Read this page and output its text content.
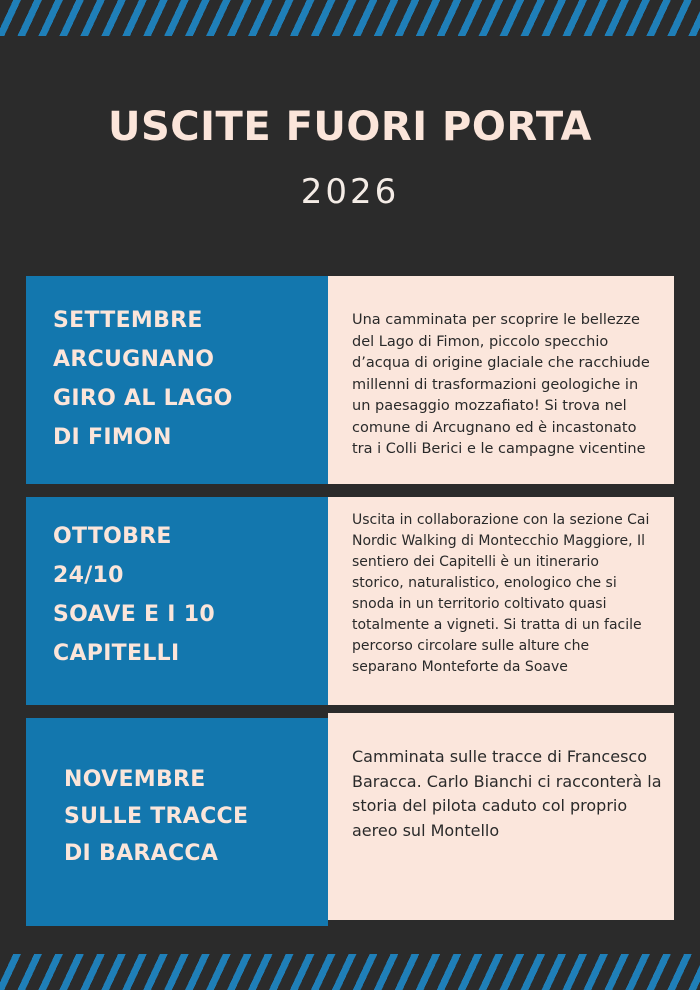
USCITE FUORI PORTA
2026
SETTEMBRE
ARCUGNANO
GIRO AL LAGO
DI FIMON
Una camminata per scoprire le bellezze del Lago di Fimon, piccolo specchio d’acqua di origine glaciale che racchiude millenni di trasformazioni geologiche in un paesaggio mozzafiato! Si trova nel comune di Arcugnano ed è incastonato tra i Colli Berici e le campagne vicentine
OTTOBRE
24/10
SOAVE E I 10
CAPITELLI
Uscita in collaborazione con la sezione Cai Nordic Walking di Montecchio Maggiore, Il sentiero dei Capitelli è un itinerario storico, naturalistico, enologico che si snoda in un territorio coltivato quasi totalmente a vigneti. Si tratta di un facile percorso circolare sulle alture che separano Monteforte da Soave
NOVEMBRE
SULLE TRACCE
DI BARACCA
Camminata sulle tracce di Francesco Baracca. Carlo Bianchi ci racconterà la storia del pilota caduto col proprio aereo sul Montello
